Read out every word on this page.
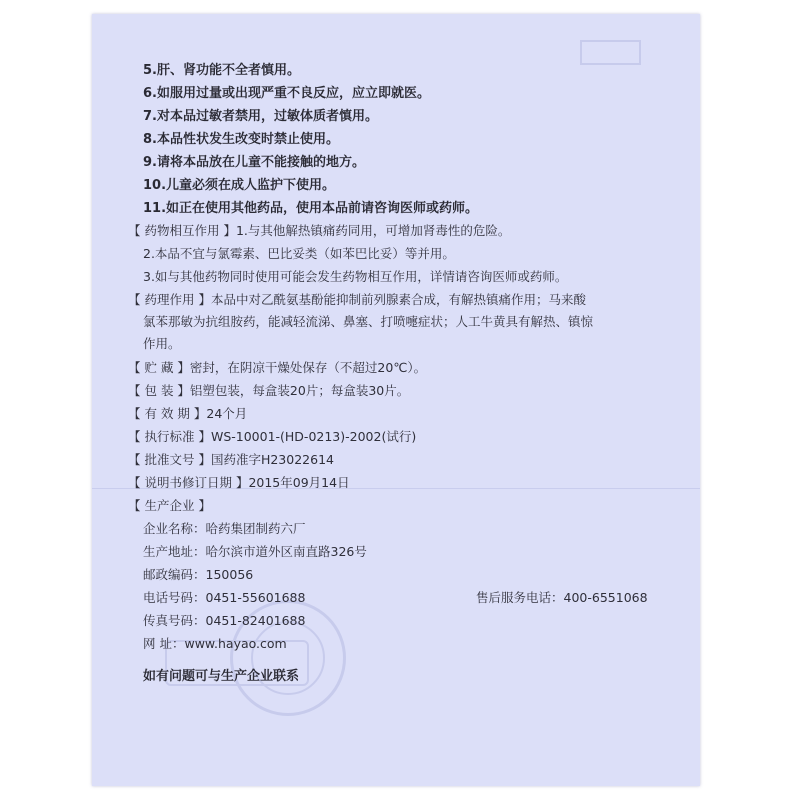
5.肝、肾功能不全者慎用。
6.如服用过量或出现严重不良反应，应立即就医。
7.对本品过敏者禁用，过敏体质者慎用。
8.本品性状发生改变时禁止使用。
9.请将本品放在儿童不能接触的地方。
10.儿童必须在成人监护下使用。
11.如正在使用其他药品，使用本品前请咨询医师或药师。
【 药物相互作用 】1.与其他解热镇痛药同用，可增加肾毒性的危险。
2.本品不宜与氯霉素、巴比妥类（如苯巴比妥）等并用。
3.如与其他药物同时使用可能会发生药物相互作用，详情请咨询医师或药师。
【 药理作用 】本品中对乙酰氨基酚能抑制前列腺素合成，有解热镇痛作用；马来酸
氯苯那敏为抗组胺药，能减轻流涕、鼻塞、打喷嚏症状；人工牛黄具有解热、镇惊
作用。
【 贮 藏 】密封，在阴凉干燥处保存（不超过20℃）。
【 包 装 】铝塑包装，每盒装20片；每盒装30片。
【 有 效 期 】24个月
【 执行标准 】WS-10001-(HD-0213)-2002(试行)
【 批准文号 】国药准字H23022614
【 说明书修订日期 】2015年09月14日
【 生产企业 】
企业名称：哈药集团制药六厂
生产地址：哈尔滨市道外区南直路326号
邮政编码：150056
电话号码：0451-55601688	售后服务电话：400-6551068
传真号码：0451-82401688
网 址：www.hayao.com
如有问题可与生产企业联系
